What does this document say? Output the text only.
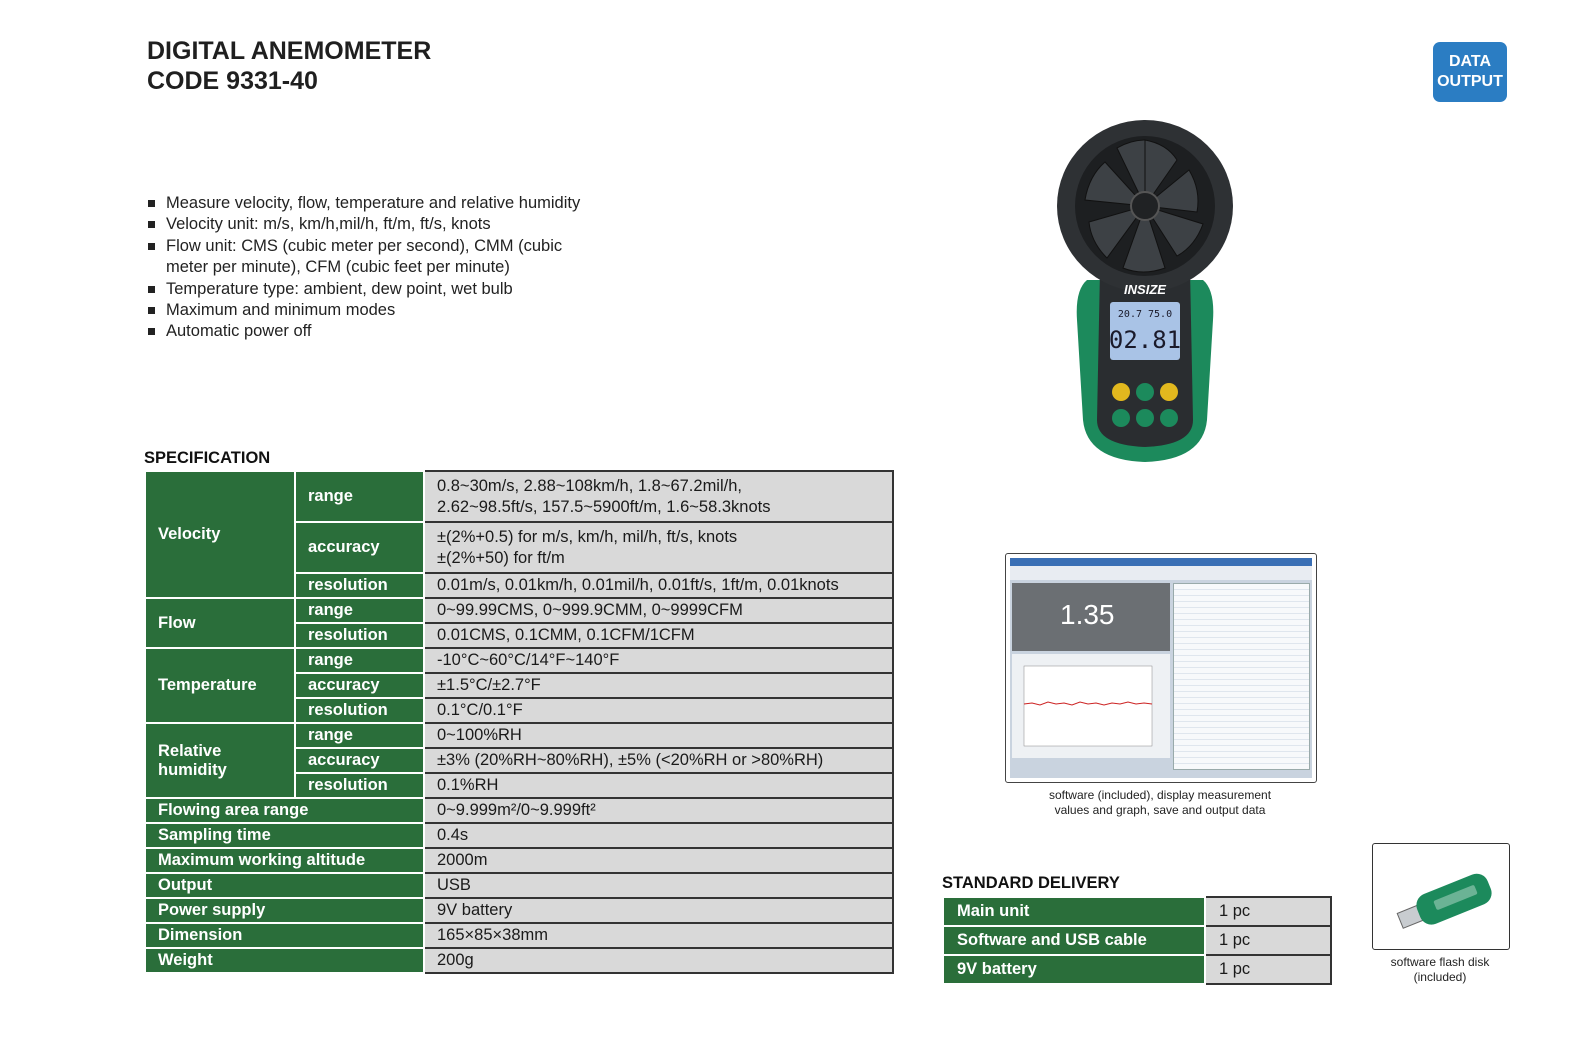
DIGITAL ANEMOMETER
CODE 9331-40
DATA
OUTPUT
Measure velocity, flow, temperature and relative humidity
Velocity unit: m/s, km/h,mil/h, ft/m, ft/s, knots
Flow unit: CMS (cubic meter per second), CMM (cubic meter per minute), CFM (cubic feet per minute)
Temperature type: ambient, dew point, wet bulb
Maximum and minimum modes
Automatic power off
SPECIFICATION
Velocity	range	0.8~30m/s, 2.88~108km/h, 1.8~67.2mil/h,
2.62~98.5ft/s, 157.5~5900ft/m, 1.6~58.3knots

	accuracy	±(2%+0.5) for m/s, km/h, mil/h, ft/s, knots
±(2%+50) for ft/m

	resolution	0.01m/s, 0.01km/h, 0.01mil/h, 0.01ft/s, 1ft/m, 0.01knots
Flow	range	0~99.99CMS, 0~999.9CMM, 0~9999CFM
	resolution	0.01CMS, 0.1CMM, 0.1CFM/1CFM
Temperature	range	-10°C~60°C/14°F~140°F
	accuracy	±1.5°C/±2.7°F
	resolution	0.1°C/0.1°F

Relative
humidity	range	0~100%RH
	accuracy	±3% (20%RH~80%RH), ±5% (<20%RH or >80%RH)
	resolution	0.1%RH
Flowing area range		0~9.999m²/0~9.999ft²
Sampling time		0.4s
Maximum working altitude		2000m
Output		USB
Power supply		9V battery
Dimension		165×85×38mm
Weight		200g
INSIZE
20.7 75.0
02.81
1.35
software (included), display measurement
values and graph, save and output data
STANDARD DELIVERY
Main unit	1 pc
Software and USB cable	1 pc
9V battery	1 pc	software flash disk
(included)
